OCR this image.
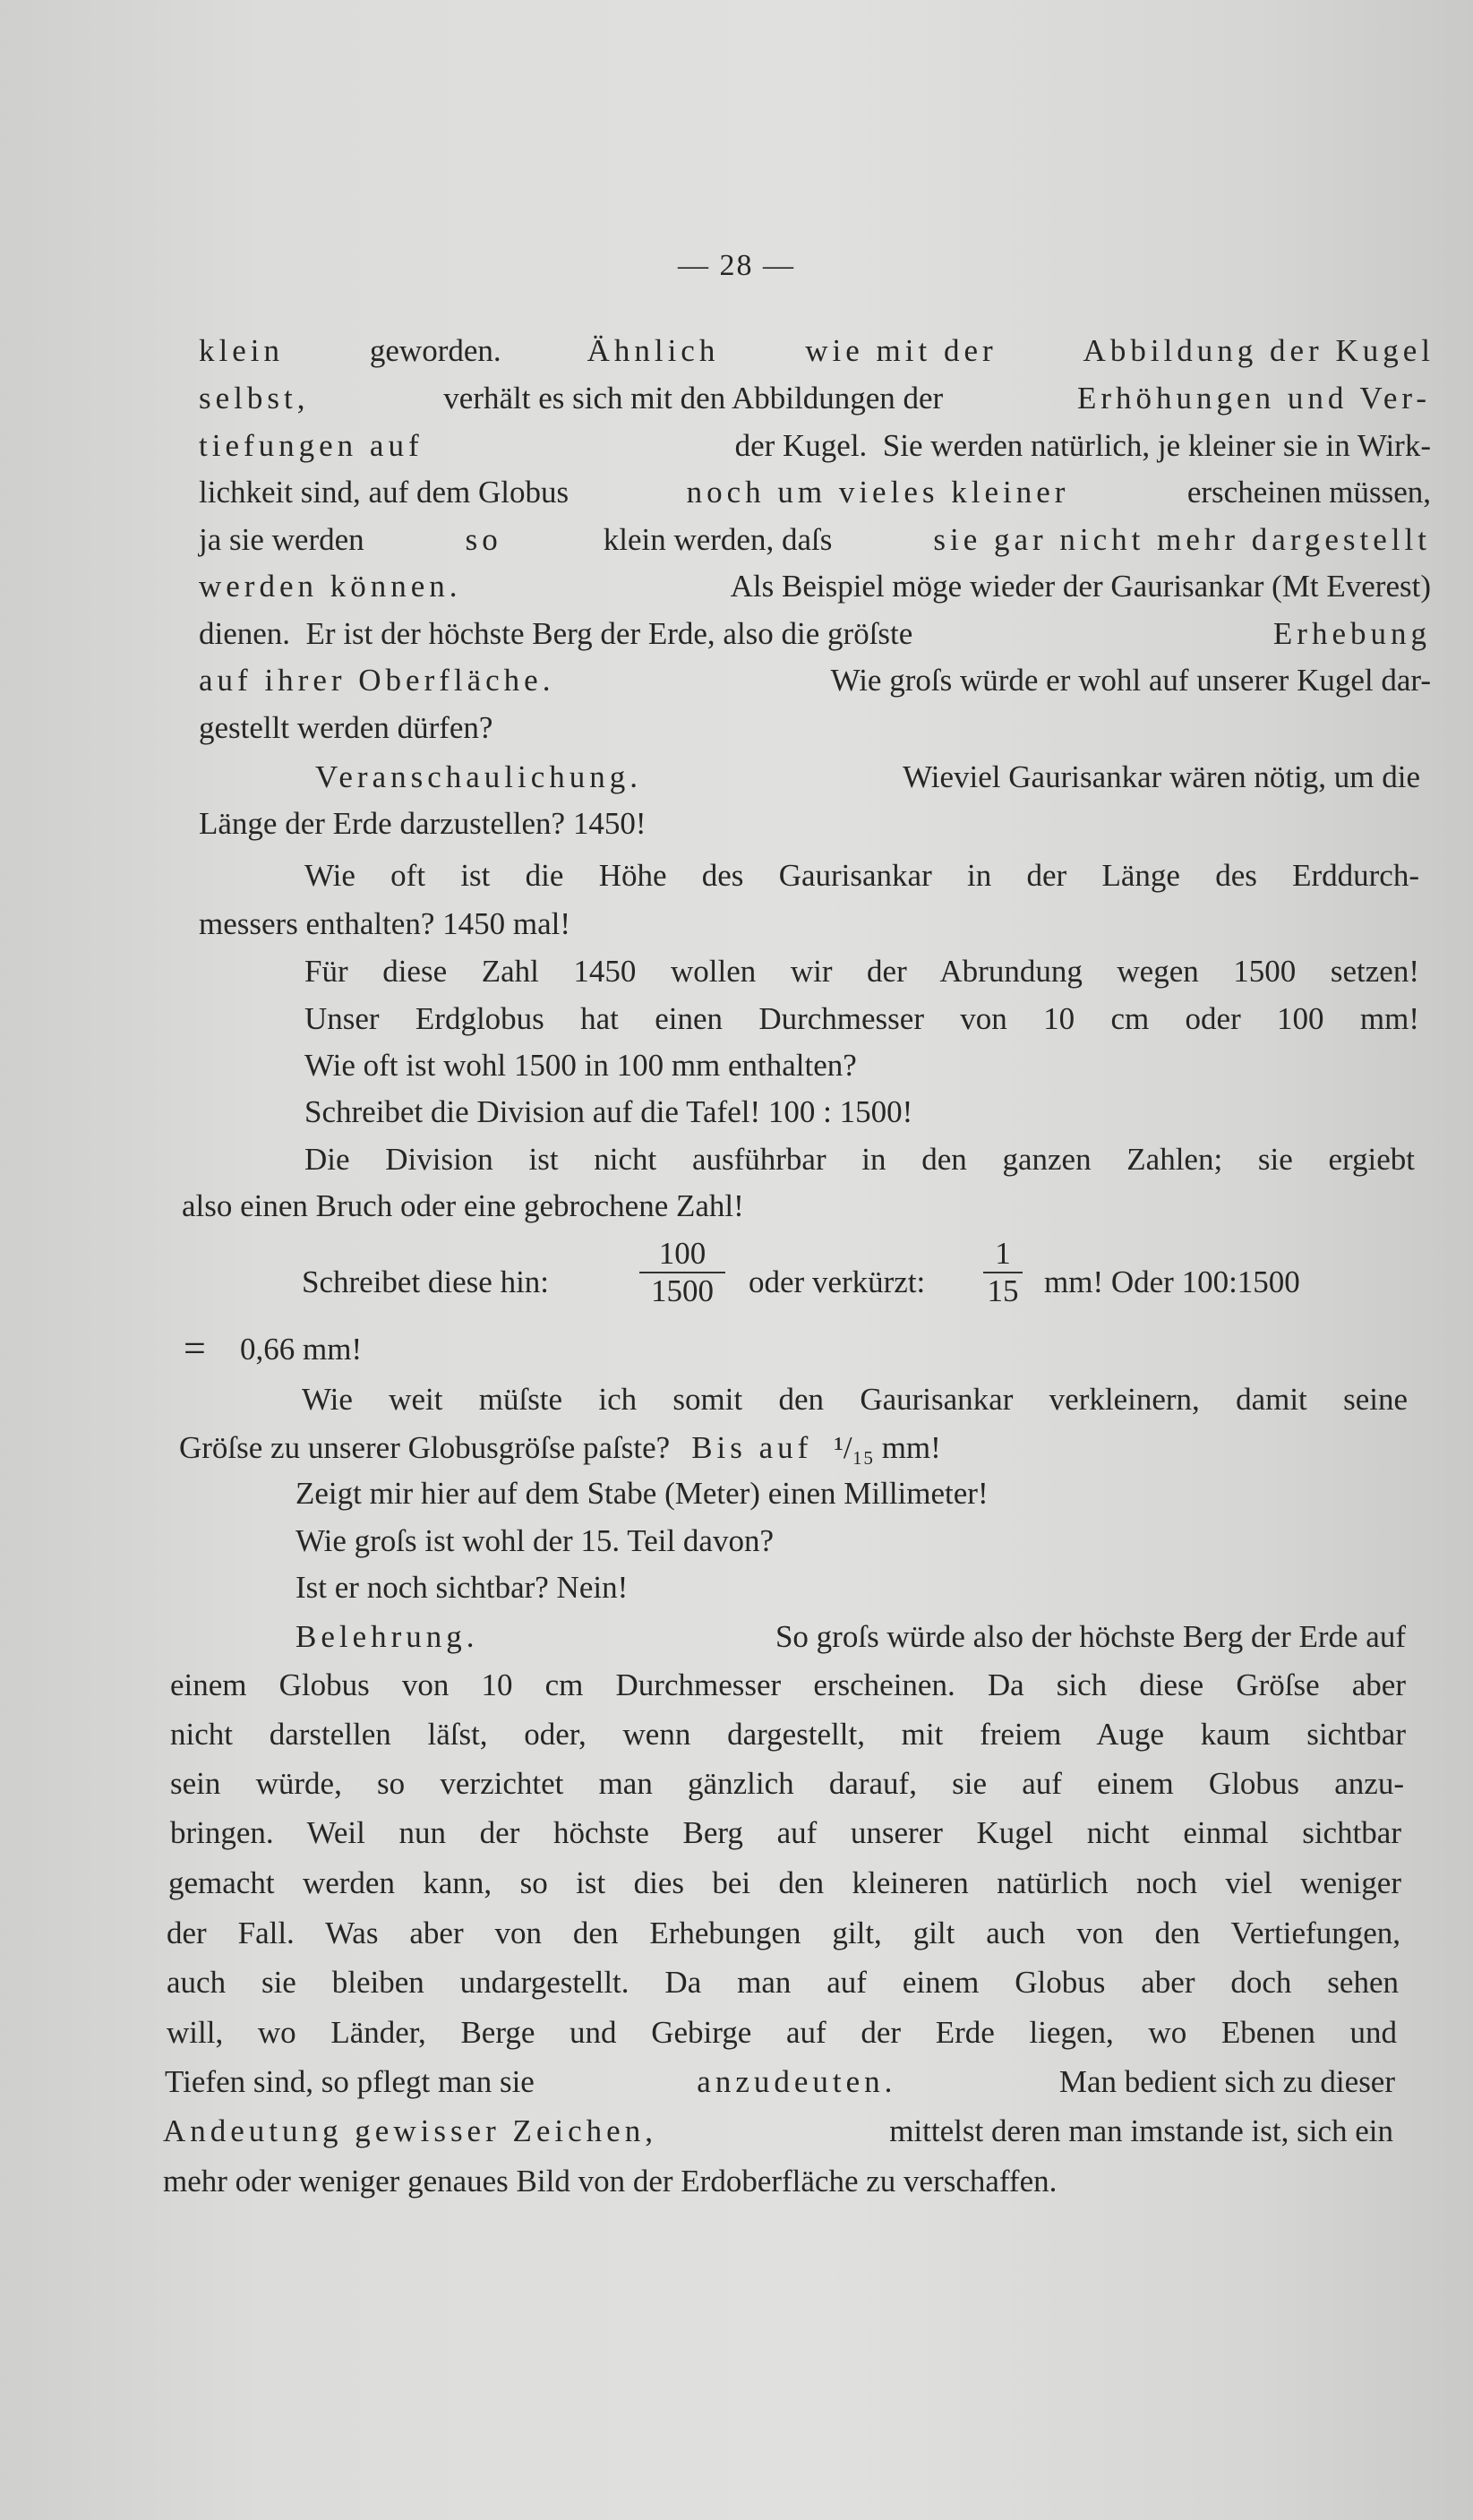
— 28 —
klein	geworden.	Ähnlich	wie mit der	Abbildung der Kugel
selbst,	verhält es sich mit den Abbildungen der	Erhöhungen und Ver-
tiefungen auf	der Kugel.  Sie werden natürlich, je kleiner sie in Wirk-
lichkeit sind, auf dem Globus	noch um vieles kleiner	erscheinen müssen,
ja sie werden	so	klein werden, daſs	sie gar nicht mehr dargestellt
werden können.	Als Beispiel möge wieder der Gaurisankar (Mt Everest)
dienen.  Er ist der höchste Berg der Erde, also die gröſste	Erhebung
auf ihrer Oberfläche.	Wie groſs würde er wohl auf unserer Kugel dar-
gestellt werden dürfen?
Veranschaulichung.	Wieviel Gaurisankar wären nötig, um die
Länge der Erde darzustellen? 1450!
Wie oft ist die Höhe des Gaurisankar in der Länge des Erddurch-
messers enthalten? 1450 mal!
Für diese Zahl 1450 wollen wir der Abrundung wegen 1500 setzen!
Unser Erdglobus hat einen Durchmesser von 10 cm oder 100 mm!
Wie oft ist wohl 1500 in 100 mm enthalten?
Schreibet die Division auf die Tafel! 100 : 1500!
Die Division ist nicht ausführbar in den ganzen Zahlen; sie ergiebt
also einen Bruch oder eine gebrochene Zahl!
Schreibet diese hin:	$\frac{100}{1500}$ oder verkürzt: $\frac{1}{15}$ mm! Oder 100:1500
= 0,66 mm!
Wie weit müſste ich somit den Gaurisankar verkleinern, damit seine
Gröſse zu unserer Globusgröſse paſste? Bis auf ¹/₁₅ mm!
Zeigt mir hier auf dem Stabe (Meter) einen Millimeter!
Wie groſs ist wohl der 15. Teil davon?
Ist er noch sichtbar? Nein!
Belehrung.	So groſs würde also der höchste Berg der Erde auf
einem Globus von 10 cm Durchmesser erscheinen. Da sich diese Gröſse aber
nicht darstellen läſst, oder, wenn dargestellt, mit freiem Auge kaum sichtbar
sein würde, so verzichtet man gänzlich darauf, sie auf einem Globus anzu-
bringen. Weil nun der höchste Berg auf unserer Kugel nicht einmal sichtbar
gemacht werden kann, so ist dies bei den kleineren natürlich noch viel weniger
der Fall. Was aber von den Erhebungen gilt, gilt auch von den Vertiefungen,
auch sie bleiben undargestellt. Da man auf einem Globus aber doch sehen
will, wo Länder, Berge und Gebirge auf der Erde liegen, wo Ebenen und
Tiefen sind, so pflegt man sie	anzudeuten.	Man bedient sich zu dieser
Andeutung gewisser Zeichen,	mittelst deren man imstande ist, sich ein
mehr oder weniger genaues Bild von der Erdoberfläche zu verschaffen.
